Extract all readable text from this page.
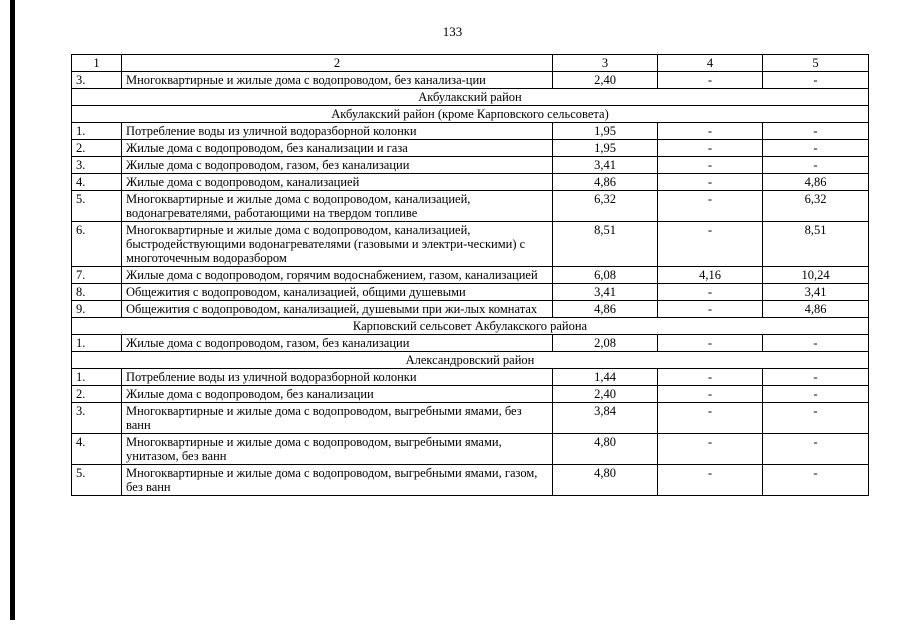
133
1	2	3	4	5
3.	Многоквартирные и жилые дома с водопроводом, без канализа-ции	2,40	-	-
Акбулакский район				
Акбулакский район (кроме Карповского сельсовета)				
1.	Потребление воды из уличной водоразборной колонки	1,95	-	-
2.	Жилые дома с водопроводом, без канализации и газа	1,95	-	-
3.	Жилые дома с водопроводом, газом, без канализации	3,41	-	-
4.	Жилые дома с водопроводом, канализацией	4,86	-	4,86
5.	Многоквартирные и жилые дома с водопроводом, канализацией, водонагревателями, работающими на твердом топливе	6,32	-	6,32
6.	Многоквартирные и жилые дома с водопроводом, канализацией, быстродействующими водонагревателями (газовыми и электри-ческими) с многоточечным водоразбором	8,51	-	8,51
7.	Жилые дома с водопроводом, горячим водоснабжением, газом, канализацией	6,08	4,16	10,24
8.	Общежития с водопроводом, канализацией, общими душевыми	3,41	-	3,41
9.	Общежития с водопроводом, канализацией, душевыми при жи-лых комнатах	4,86	-	4,86
Карповский сельсовет Акбулакского района				
1.	Жилые дома с водопроводом, газом, без канализации	2,08	-	-
Александровский район				
1.	Потребление воды из уличной водоразборной колонки	1,44	-	-
2.	Жилые дома с водопроводом, без канализации	2,40	-	-
3.	Многоквартирные и жилые дома с водопроводом, выгребными ямами, без ванн	3,84	-	-
4.	Многоквартирные и жилые дома с водопроводом, выгребными ямами, унитазом, без ванн	4,80	-	-
5.	Многоквартирные и жилые дома с водопроводом, выгребными ямами, газом, без ванн	4,80	-	-
